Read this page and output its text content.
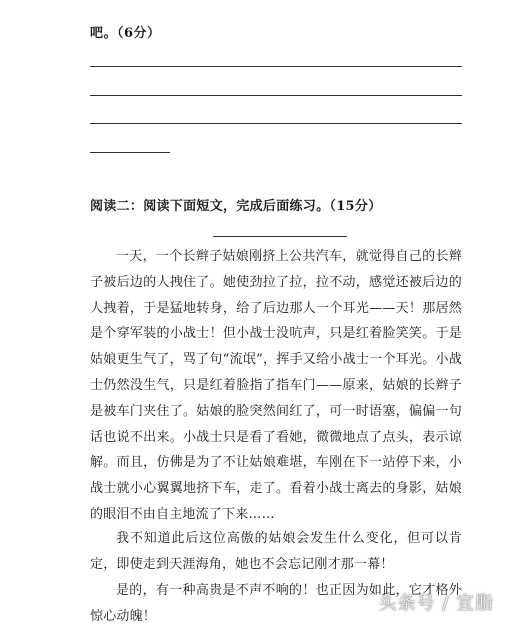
吧。（6分）
阅读二：阅读下面短文，完成后面练习。（15分）

一天，一个长辫子姑娘刚挤上公共汽车，就觉得自己的长辫子被后边的人拽住了。她使劲拉了拉，拉不动，感觉还被后边的人拽着，于是猛地转身，给了后边那人一个耳光——天！那居然是个穿军装的小战士！但小战士没吭声，只是红着脸笑笑。于是姑娘更生气了，骂了句“流氓”，挥手又给小战士一个耳光。小战士仍然没生气，只是红着脸指了指车门——原来，姑娘的长辫子是被车门夹住了。姑娘的脸突然间红了，可一时语塞，偏偏一句话也说不出来。小战士只是看了看她，微微地点了点头，表示谅解。而且，仿佛是为了不让姑娘难堪，车刚在下一站停下来，小战士就小心翼翼地挤下车，走了。看着小战士离去的身影，姑娘的眼泪不由自主地流了下来……

我不知道此后这位高傲的姑娘会发生什么变化，但可以肯定，即使走到天涯海角，她也不会忘记刚才那一幕！

是的，有一种高贵是不声不响的！也正因为如此，它才格外惊心动魄！

头条号 / 宣脂
